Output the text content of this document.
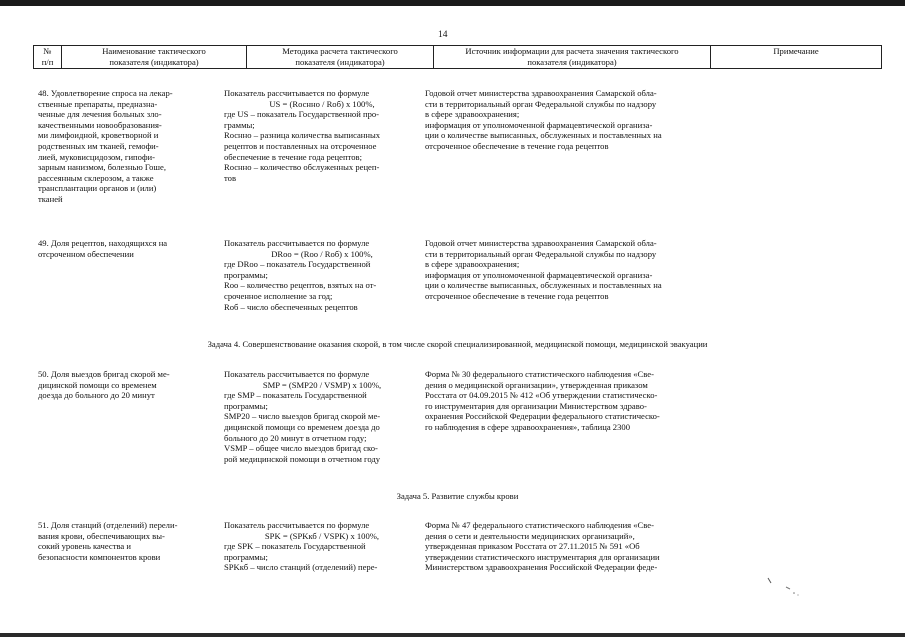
14
№
п/п
Наименование тактического
показателя (индикатора)
Методика расчета тактического
показателя (индикатора)
Источник информации для расчета значения тактического
показателя (индикатора)
Примечание

48. Удовлетворение спроса на лекар-

ственные препараты, предназна-

ченные для лечения больных зло-

качественными новообразования-

ми лимфоидной, кроветворной и

родственных им тканей, гемофи-

лией, муковисцидозом, гипофи-

зарным нанизмом, болезнью Гоше,

рассеянным склерозом, а также

трансплантации органов и (или)

тканей

Показатель рассчитывается по формуле

US = (Rоснно / Rоб) х 100%,

где US – показатель Государственной про-

граммы;

Rоснно – разница количества выписанных

рецептов и поставленных на отсроченное

обеспечение в течение года рецептов;

Rоснно – количество обслуженных рецеп-

тов

Годовой отчет министерства здравоохранения Самарской обла-

сти в территориальный орган Федеральной службы по надзору

в сфере здравоохранения;

информация от уполномоченной фармацевтической организа-

ции о количестве выписанных, обслуженных и поставленных на

отсроченное обеспечение в течение года рецептов

49. Доля рецептов, находящихся на

отсроченном обеспечении

Показатель рассчитывается по формуле

DRоо = (Rоо / Rоб) х 100%,

где DRоо – показатель Государственной

программы;

Rоо – количество рецептов, взятых на от-

сроченное исполнение за год;

Rоб – число обеспеченных рецептов

Годовой отчет министерства здравоохранения Самарской обла-

сти в территориальный орган Федеральной службы по надзору

в сфере здравоохранения;

информация от уполномоченной фармацевтической организа-

ции о количестве выписанных, обслуженных и поставленных на

отсроченное обеспечение в течение года рецептов

Задача 4. Совершенствование оказания скорой, в том числе скорой специализированной, медицинской помощи, медицинской эвакуации

50. Доля выездов бригад скорой ме-

дицинской помощи со временем

доезда до больного до 20 минут

Показатель рассчитывается по формуле

SMP = (SMP20 / VSMP) х 100%,

где SMP – показатель Государственной

программы;

SMP20 – число выездов бригад скорой ме-

дицинской помощи со временем доезда до

больного до 20 минут в отчетном году;

VSMP – общее число выездов бригад ско-

рой медицинской помощи в отчетном году

Форма № 30 федерального статистического наблюдения «Све-

дения о медицинской организации», утвержденная приказом

Росстата от 04.09.2015 № 412 «Об утверждении статистическо-

го инструментария для организации Министерством здраво-

охранения Российской Федерации федерального статистическо-

го наблюдения в сфере здравоохранения», таблица 2300

Задача 5. Развитие службы крови

51. Доля станций (отделений) перели-

вания крови, обеспечивающих вы-

сокий уровень качества и

безопасности компонентов крови

Показатель рассчитывается по формуле

SPK = (SPKкб / VSPK) х 100%,

где SPK – показатель Государственной

программы;

SPKкб – число станций (отделений) пере-

Форма № 47 федерального статистического наблюдения «Све-

дения о сети и деятельности медицинских организаций»,

утвержденная приказом Росстата от 27.11.2015 № 591 «Об

утверждении статистического инструментария для организации

Министерством здравоохранения Российской Федерации феде-
